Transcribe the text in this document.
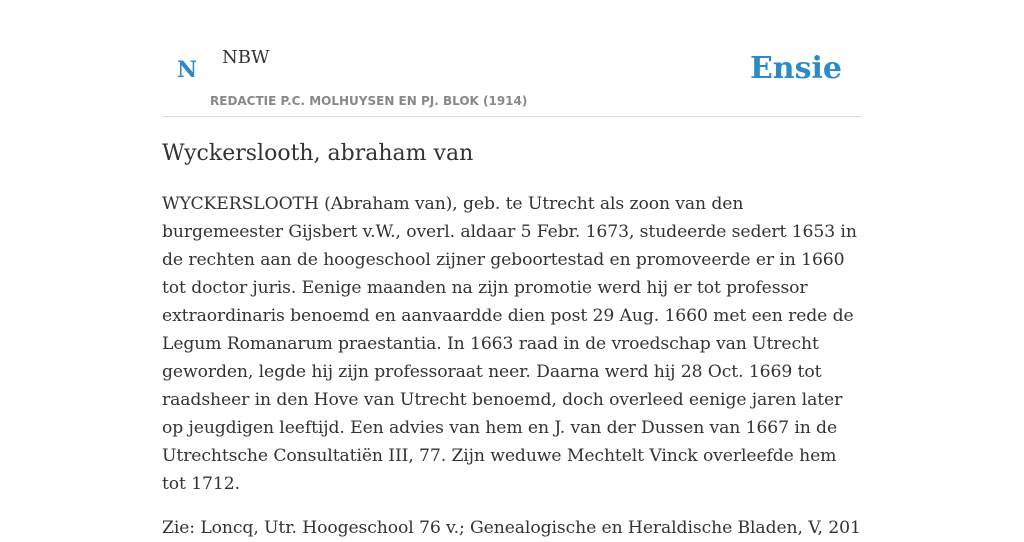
N NBW
REDACTIE P.C. MOLHUYSEN EN PJ. BLOK (1914)
Ensie
Wyckerslooth, abraham van

WYCKERSLOOTH (Abraham van), geb. te Utrecht als zoon van den burgemeester Gijsbert v.W., overl. aldaar 5 Febr. 1673, studeerde sedert 1653 in de rechten aan de hoogeschool zijner geboortestad en promoveerde er in 1660 tot doctor juris. Eenige maanden na zijn promotie werd hij er tot professor extraordinaris benoemd en aanvaardde dien post 29 Aug. 1660 met een rede de Legum Romanarum praestantia. In 1663 raad in de vroedschap van Utrecht geworden, legde hij zijn professoraat neer. Daarna werd hij 28 Oct. 1669 tot raadsheer in den Hove van Utrecht benoemd, doch overleed eenige jaren later op jeugdigen leeftijd. Een advies van hem en J. van der Dussen van 1667 in de Utrechtsche Consultatiën III, 77. Zijn weduwe Mechtelt Vinck overleefde hem tot 1712.

Zie: Loncq, Utr. Hoogeschool 76 v.; Genealogische en Heraldische Bladen, V, 201
